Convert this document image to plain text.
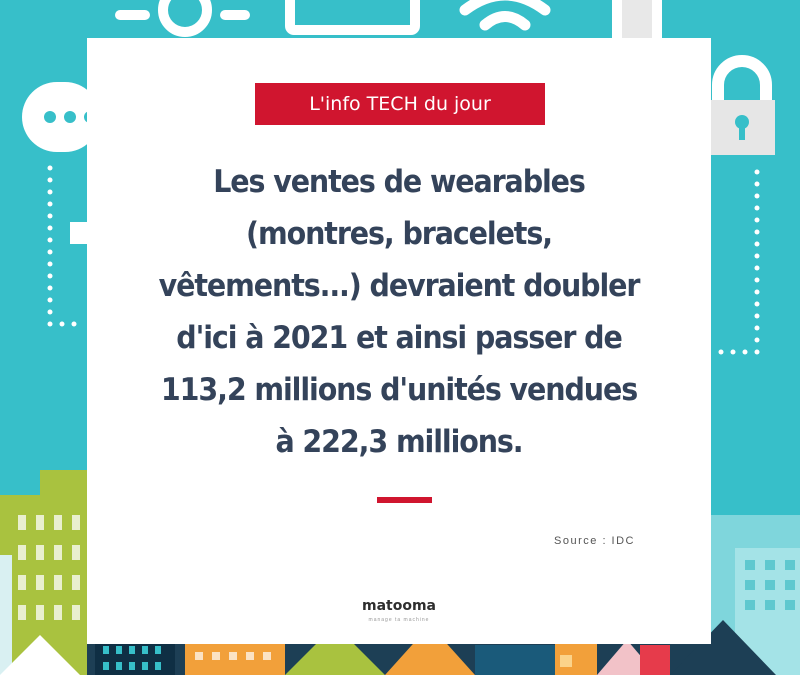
L'info TECH du jour

Les ventes de wearables (montres, bracelets, vêtements...) devraient doubler d'ici à 2021 et ainsi passer de 113,2 millions d'unités vendues à 222,3 millions.

Source : IDC
matooma
manage ta machine
